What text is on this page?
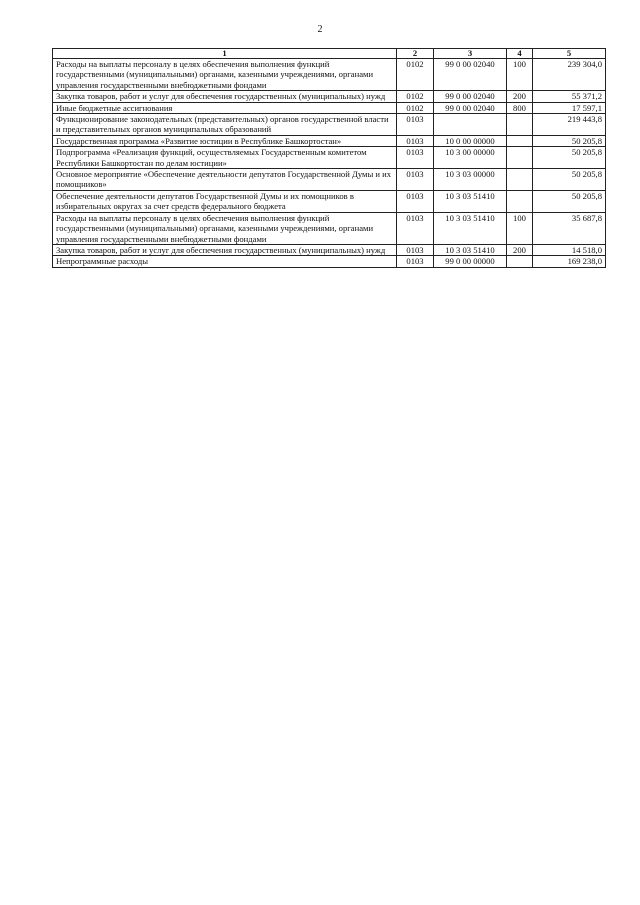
2
1	2	3	4	5
Расходы на выплаты персоналу в целях обеспечения выполнения функций государственными (муниципальными) органами, казенными учреждениями, органами управления государственными внебюджетными фондами	0102	99 0 00 02040	100	239 304,0
Закупка товаров, работ и услуг для обеспечения государственных (муниципальных) нужд	0102	99 0 00 02040	200	55 371,2
Иные бюджетные ассигнования	0102	99 0 00 02040	800	17 597,1
Функционирование законодательных (представительных) органов государственной власти и представительных органов муниципальных образований	0103			219 443,8
Государственная программа «Развитие юстиции в Республике Башкортостан»	0103	10 0 00 00000		50 205,8
Подпрограмма «Реализация функций, осуществляемых Государственным комитетом Республики Башкортостан по делам юстиции»	0103	10 3 00 00000		50 205,8
Основное мероприятие «Обеспечение деятельности депутатов Государственной Думы и их помощников»	0103	10 3 03 00000		50 205,8
Обеспечение деятельности депутатов Государственной Думы и их помощников в избирательных округах за счет средств федерального бюджета	0103	10 3 03 51410		50 205,8
Расходы на выплаты персоналу в целях обеспечения выполнения функций государственными (муниципальными) органами, казенными учреждениями, органами управления государственными внебюджетными фондами	0103	10 3 03 51410	100	35 687,8
Закупка товаров, работ и услуг для обеспечения государственных (муниципальных) нужд	0103	10 3 03 51410	200	14 518,0
Непрограммные расходы	0103	99 0 00 00000		169 238,0
